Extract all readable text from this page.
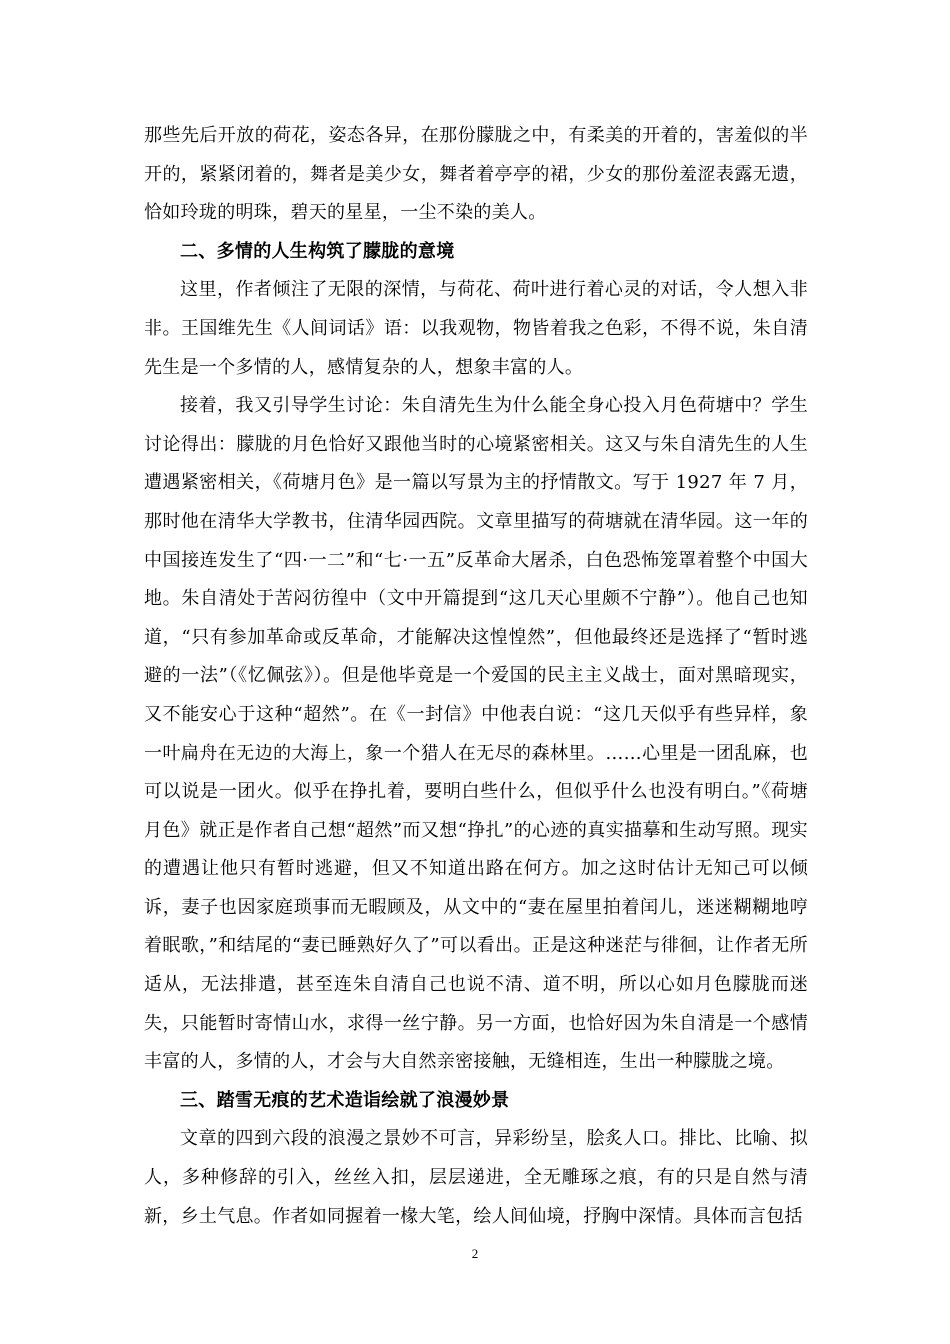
那些先后开放的荷花，姿态各异，在那份朦胧之中，有柔美的开着的，害羞似的半开的，紧紧闭着的，舞者是美少女，舞者着亭亭的裙，少女的那份羞涩表露无遗，恰如玲珑的明珠，碧天的星星，一尘不染的美人。

二、多情的人生构筑了朦胧的意境

这里，作者倾注了无限的深情，与荷花、荷叶进行着心灵的对话，令人想入非非。王国维先生《人间词话》语：以我观物，物皆着我之色彩，不得不说，朱自清先生是一个多情的人，感情复杂的人，想象丰富的人。

接着，我又引导学生讨论：朱自清先生为什么能全身心投入月色荷塘中？学生讨论得出：朦胧的月色恰好又跟他当时的心境紧密相关。这又与朱自清先生的人生遭遇紧密相关，《荷塘月色》是一篇以写景为主的抒情散文。写于 1927 年 7 月，那时他在清华大学教书，住清华园西院。文章里描写的荷塘就在清华园。这一年的中国接连发生了“四·一二”和“七·一五”反革命大屠杀，白色恐怖笼罩着整个中国大地。朱自清处于苦闷彷徨中（文中开篇提到“这几天心里颇不宁静”）。他自己也知道，“只有参加革命或反革命，才能解决这惶惶然”，但他最终还是选择了“暂时逃避的一法”（《忆佩弦》）。但是他毕竟是一个爱国的民主主义战士，面对黑暗现实，又不能安心于这种“超然”。在《一封信》中他表白说：“这几天似乎有些异样，象一叶扁舟在无边的大海上，象一个猎人在无尽的森林里。……心里是一团乱麻，也可以说是一团火。似乎在挣扎着，要明白些什么，但似乎什么也没有明白。”《荷塘月色》就正是作者自己想“超然”而又想“挣扎”的心迹的真实描摹和生动写照。现实的遭遇让他只有暂时逃避，但又不知道出路在何方。加之这时估计无知己可以倾诉，妻子也因家庭琐事而无暇顾及，从文中的“妻在屋里拍着闰儿，迷迷糊糊地哼着眠歌，”和结尾的“妻已睡熟好久了”可以看出。正是这种迷茫与徘徊，让作者无所适从，无法排遣，甚至连朱自清自己也说不清、道不明，所以心如月色朦胧而迷失，只能暂时寄情山水，求得一丝宁静。另一方面，也恰好因为朱自清是一个感情丰富的人，多情的人，才会与大自然亲密接触，无缝相连，生出一种朦胧之境。

三、踏雪无痕的艺术造诣绘就了浪漫妙景

文章的四到六段的浪漫之景妙不可言，异彩纷呈，脍炙人口。排比、比喻、拟人，多种修辞的引入，丝丝入扣，层层递进，全无雕琢之痕，有的只是自然与清新，乡土气息。作者如同握着一椽大笔，绘人间仙境，抒胸中深情。具体而言包括

2
